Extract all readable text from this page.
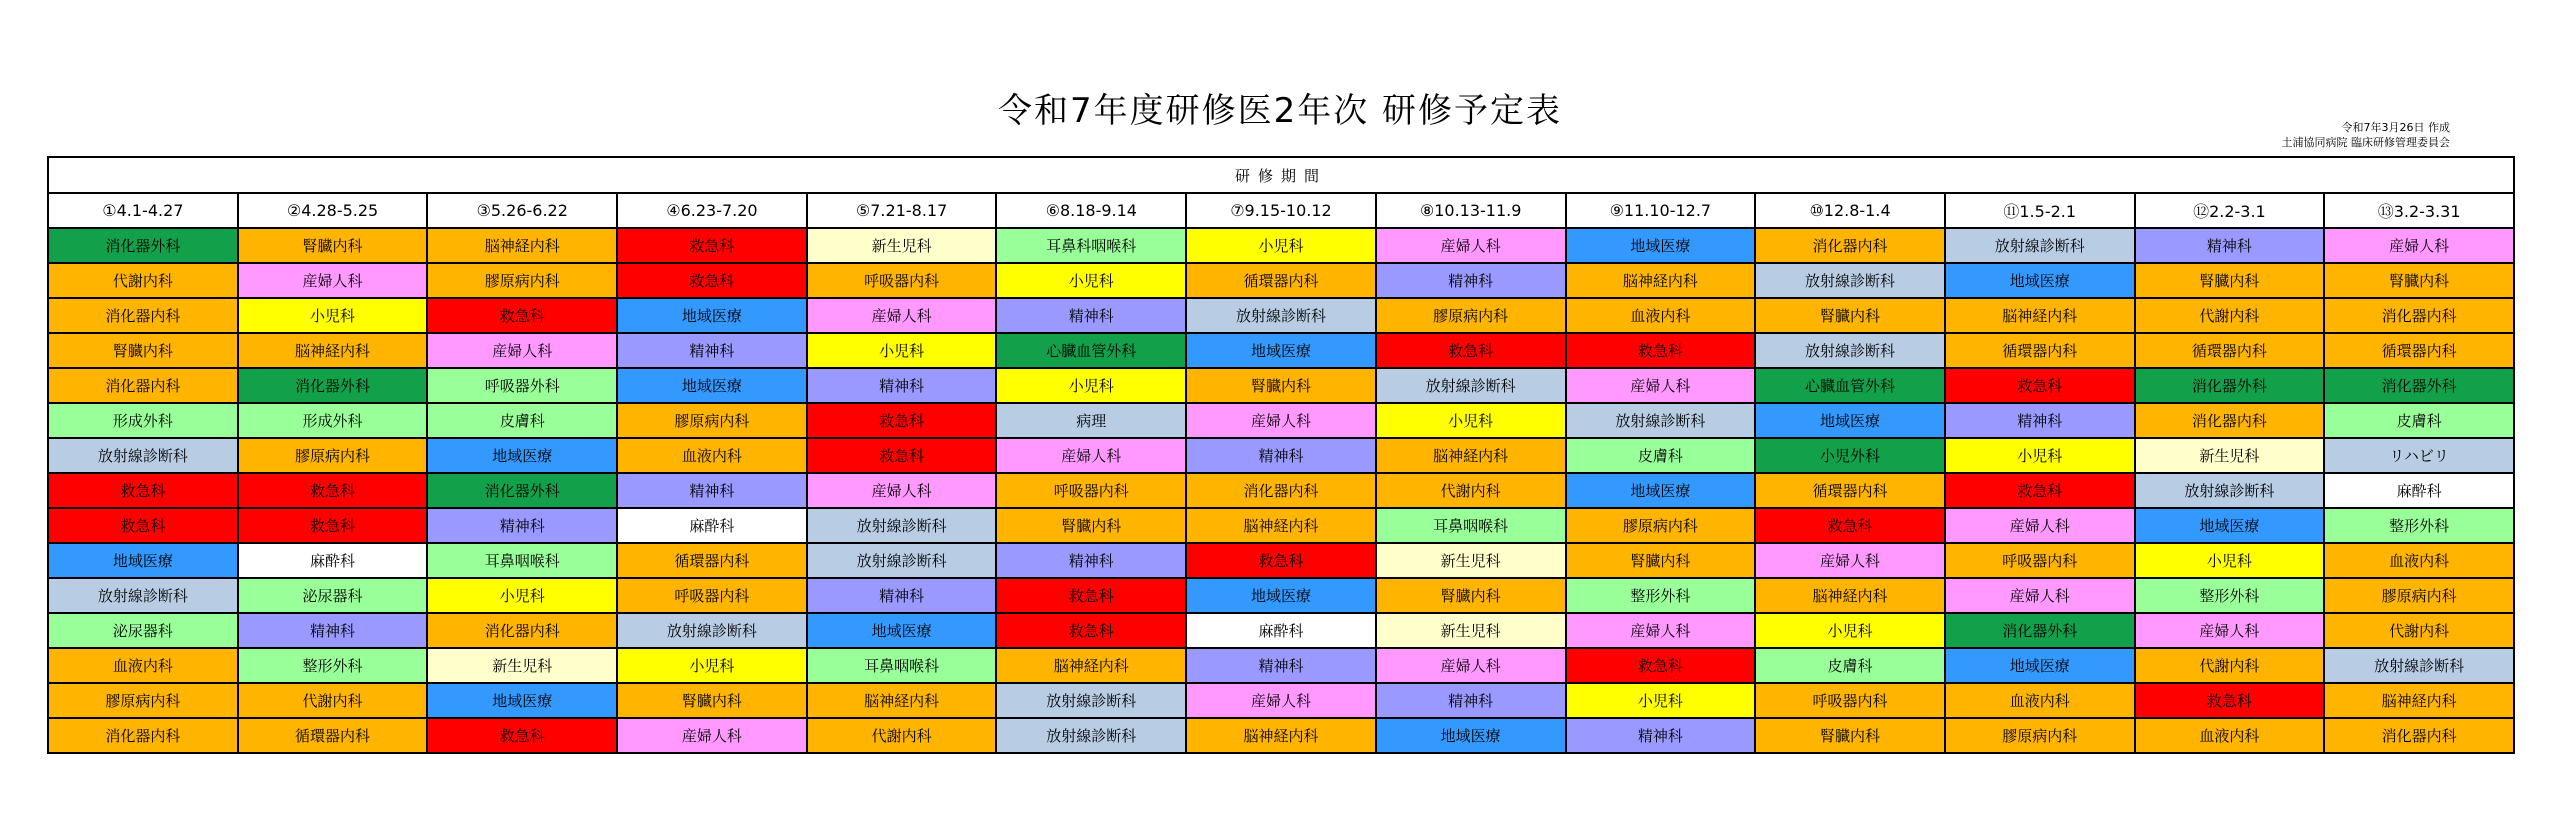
令和7年度研修医2年次 研修予定表	令和7年3月26日 作成
土浦協同病院 臨床研修管理委員会
研修期間												
①4.1-4.27	②4.28-5.25	③5.26-6.22	④6.23-7.20	⑤7.21-8.17	⑥8.18-9.14	⑦9.15-10.12	⑧10.13-11.9	⑨11.10-12.7	⑩12.8-1.4	⑪1.5-2.1	⑫2.2-3.1	⑬3.2-3.31
消化器外科	腎臓内科	脳神経内科	救急科	新生児科	耳鼻科咽喉科	小児科	産婦人科	地域医療	消化器内科	放射線診断科	精神科	産婦人科
代謝内科	産婦人科	膠原病内科	救急科	呼吸器内科	小児科	循環器内科	精神科	脳神経内科	放射線診断科	地域医療	腎臓内科	腎臓内科
消化器内科	小児科	救急科	地域医療	産婦人科	精神科	放射線診断科	膠原病内科	血液内科	腎臓内科	脳神経内科	代謝内科	消化器内科
腎臓内科	脳神経内科	産婦人科	精神科	小児科	心臓血管外科	地域医療	救急科	救急科	放射線診断科	循環器内科	循環器内科	循環器内科
消化器内科	消化器外科	呼吸器外科	地域医療	精神科	小児科	腎臓内科	放射線診断科	産婦人科	心臓血管外科	救急科	消化器外科	消化器外科
形成外科	形成外科	皮膚科	膠原病内科	救急科	病理	産婦人科	小児科	放射線診断科	地域医療	精神科	消化器内科	皮膚科
放射線診断科	膠原病内科	地域医療	血液内科	救急科	産婦人科	精神科	脳神経内科	皮膚科	小児外科	小児科	新生児科	リハビリ
救急科	救急科	消化器外科	精神科	産婦人科	呼吸器内科	消化器内科	代謝内科	地域医療	循環器内科	救急科	放射線診断科	麻酔科
救急科	救急科	精神科	麻酔科	放射線診断科	腎臓内科	脳神経内科	耳鼻咽喉科	膠原病内科	救急科	産婦人科	地域医療	整形外科
地域医療	麻酔科	耳鼻咽喉科	循環器内科	放射線診断科	精神科	救急科	新生児科	腎臓内科	産婦人科	呼吸器内科	小児科	血液内科
放射線診断科	泌尿器科	小児科	呼吸器内科	精神科	救急科	地域医療	腎臓内科	整形外科	脳神経内科	産婦人科	整形外科	膠原病内科
泌尿器科	精神科	消化器内科	放射線診断科	地域医療	救急科	麻酔科	新生児科	産婦人科	小児科	消化器外科	産婦人科	代謝内科
血液内科	整形外科	新生児科	小児科	耳鼻咽喉科	脳神経内科	精神科	産婦人科	救急科	皮膚科	地域医療	代謝内科	放射線診断科
膠原病内科	代謝内科	地域医療	腎臓内科	脳神経内科	放射線診断科	産婦人科	精神科	小児科	呼吸器内科	血液内科	救急科	脳神経内科
消化器内科	循環器内科	救急科	産婦人科	代謝内科	放射線診断科	脳神経内科	地域医療	精神科	腎臓内科	膠原病内科	血液内科	消化器内科
